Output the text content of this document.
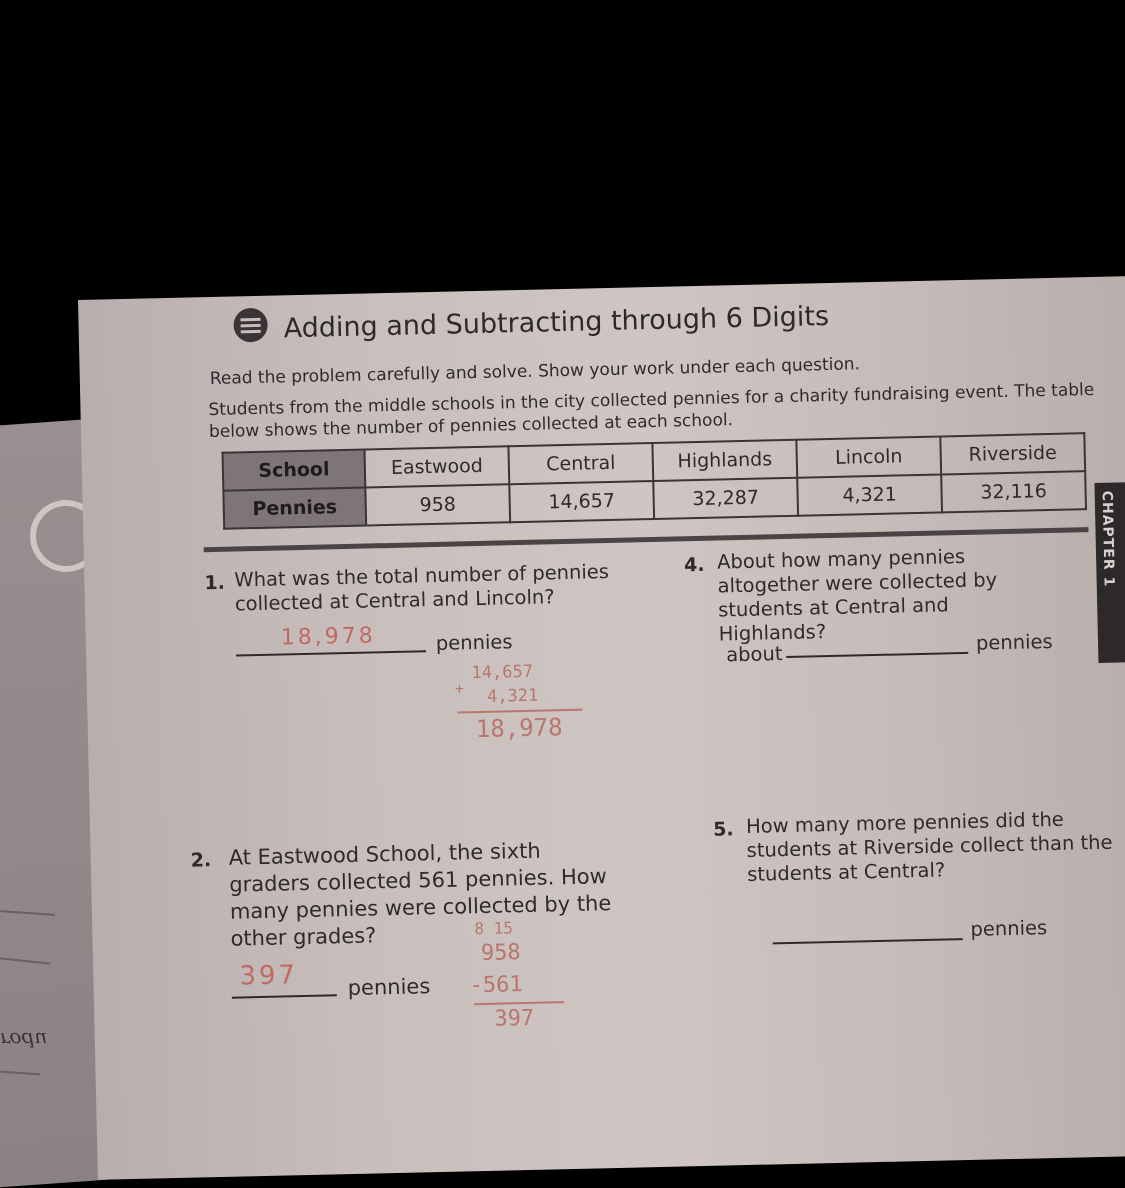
rodu
Adding and Subtracting through 6 Digits
Read the problem carefully and solve. Show your work under each question.
Students from the middle schools in the city collected pennies for a charity fundraising event. The table below shows the number of pennies collected at each school.
School	Eastwood	Central	Highlands	Lincoln	Riverside
Pennies	958	14,657	32,287	4,321	32,116	CHAPTER 1
1. What was the total number of pennies collected at Central and Lincoln?
18,978	pennies
14,657
+ 4,321
18,978
4. About how many pennies altogether were collected by students at Central and Highlands?
about	pennies
2. At Eastwood School, the sixth graders collected 561 pennies. How many pennies were collected by the other grades?
397 pennies
8 15
958
-561
397
5. How many more pennies did the students at Riverside collect than the students at Central?
pennies
